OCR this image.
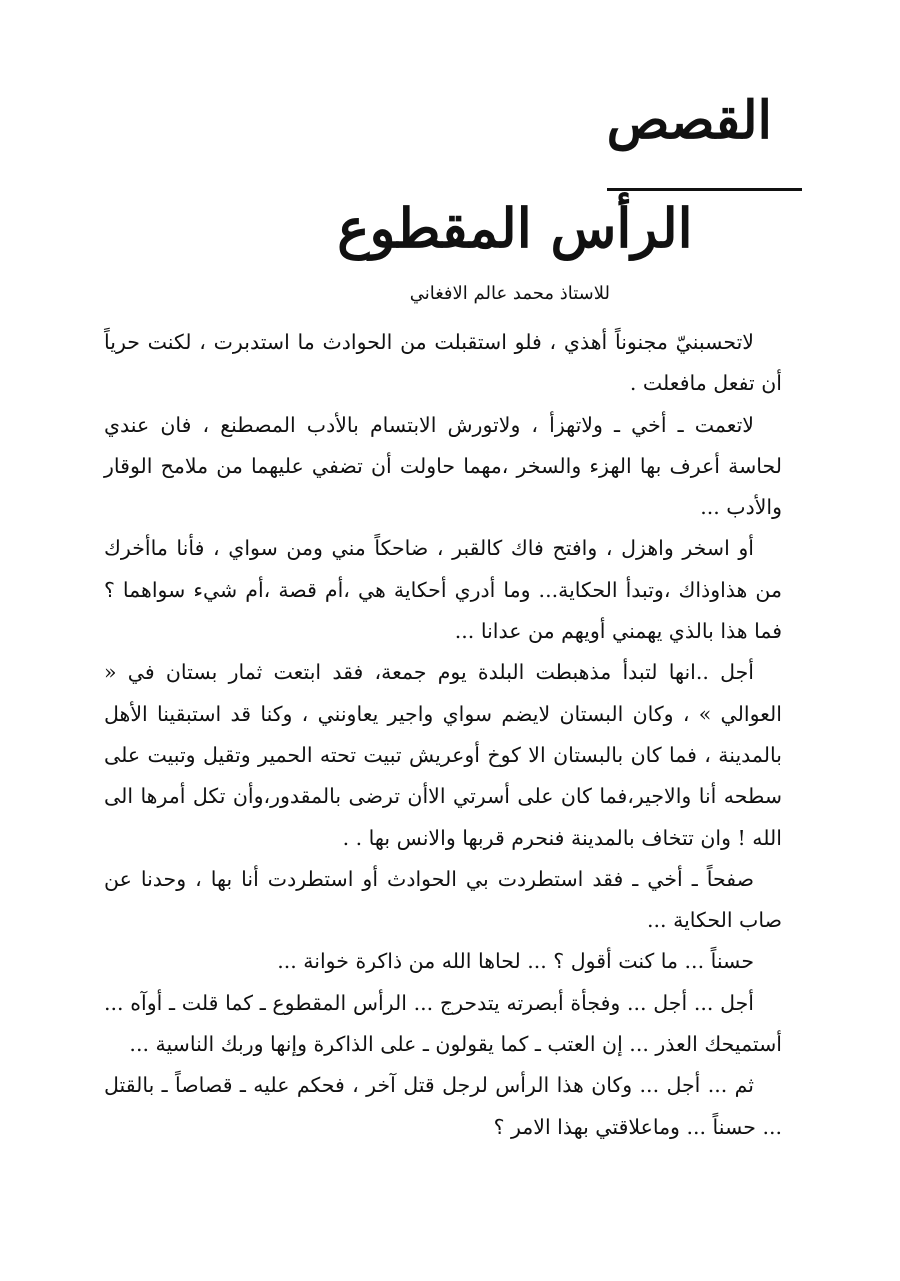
القصص
الرأس المقطوع
للاستاذ محمد عالم الافغاني

لاتحسبنيّ مجنوناً أهذي ، فلو استقبلت من الحوادث ما استدبرت ، لكنت حرياً أن تفعل مافعلت .

لاتعمت ـ أخي ـ ولاتهزأ ، ولاتورش الابتسام بالأدب المصطنع ، فان عندي لحاسة أعرف بها الهزء والسخر ،مهما حاولت أن تضفي عليهما من ملامح الوقار والأدب ...

أو اسخر واهزل ، وافتح فاك كالقبر ، ضاحكاً مني ومن سواي ، فأنا ماأخرك من هذاوذاك ،وتبدأ الحكاية... وما أدري أحكاية هي ،أم قصة ،أم شيء سواهما ؟فما هذا بالذي يهمني أويهم من عدانا ...

أجل ..انها لتبدأ مذهبطت البلدة يوم جمعة، فقد ابتعت ثمار بستان في « العوالي » ، وكان البستان لايضم سواي واجير يعاونني ، وكنا قد استبقينا الأهل بالمدينة ، فما كان بالبستان الا كوخ أوعريش تبيت تحته الحمير وتقيل وتبيت على سطحه أنا والاجير،فما كان على أسرتي الاأن ترضى بالمقدور،وأن تكل أمرها الى الله ! وان تتخاف بالمدينة فنحرم قربها والانس بها . .

صفحاً ـ أخي ـ فقد استطردت بي الحوادث أو استطردت أنا بها ، وحدنا عن صاب الحكاية ...

حسناً ... ما كنت أقول ؟ ... لحاها الله من ذاكرة خوانة ...

أجل ... أجل ... وفجأة أبصرته يتدحرج ... الرأس المقطوع ـ كما قلت ـ أوآه ... أستميحك العذر ... إن العتب ـ كما يقولون ـ على الذاكرة وإنها وربك الناسية ...

ثم ... أجل ... وكان هذا الرأس لرجل قتل آخر ، فحكم عليه ـ قصاصاً ـ بالقتل ... حسناً ... وماعلاقتي بهذا الامر ؟
